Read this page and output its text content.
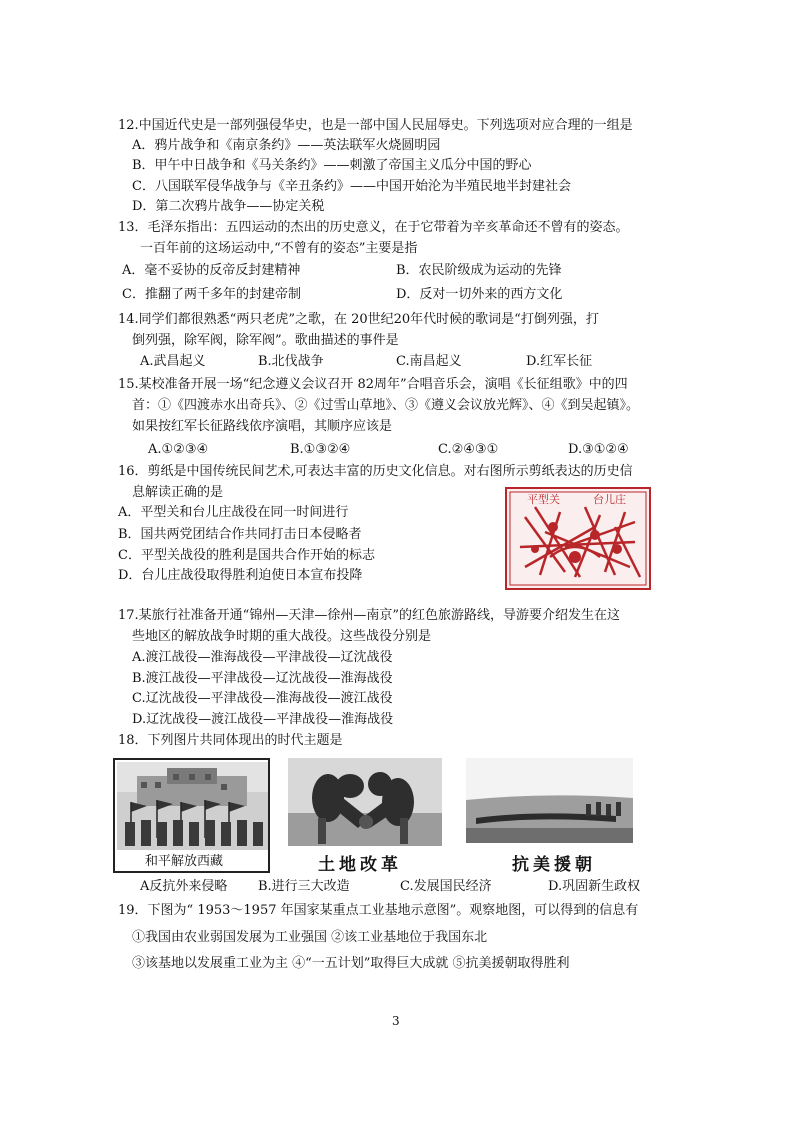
12.中国近代史是一部列强侵华史，也是一部中国人民屈辱史。下列选项对应合理的一组是
A．鸦片战争和《南京条约》——英法联军火烧圆明园
B．甲午中日战争和《马关条约》——刺激了帝国主义瓜分中国的野心
C．八国联军侵华战争与《辛丑条约》——中国开始沦为半殖民地半封建社会
D．第二次鸦片战争——协定关税
13．毛泽东指出：五四运动的杰出的历史意义，在于它带着为辛亥革命还不曾有的姿态。
一百年前的这场运动中,“不曾有的姿态”主要是指
A．毫不妥协的反帝反封建精神	B．农民阶级成为运动的先锋
C．推翻了两千多年的封建帝制	D．反对一切外来的西方文化
14.同学们都很熟悉“两只老虎”之歌，在 20世纪20年代时候的歌词是“打倒列强，打
倒列强，除军阀，除军阀”。歌曲描述的事件是
A.武昌起义	B.北伐战争	C.南昌起义	D.红军长征
15.某校准备开展一场“纪念遵义会议召开 82周年”合唱音乐会，演唱《长征组歌》中的四
首：①《四渡赤水出奇兵》、②《过雪山草地》、③《遵义会议放光辉》、④《到吴起镇》。
如果按红军长征路线依序演唱，其顺序应该是
A.①②③④	B.①③②④	C.②④③①	D.③①②④
16．剪纸是中国传统民间艺术,可表达丰富的历史文化信息。对右图所示剪纸表达的历史信
息解读正确的是
A．平型关和台儿庄战役在同一时间进行
B．国共两党团结合作共同打击日本侵略者
C．平型关战役的胜利是国共合作开始的标志
D．台儿庄战役取得胜利迫使日本宣布投降
平型关	台儿庄
17.某旅行社准备开通“锦州—天津—徐州—南京”的红色旅游路线，导游要介绍发生在这
些地区的解放战争时期的重大战役。这些战役分别是
A.渡江战役—淮海战役—平津战役—辽沈战役
B.渡江战役—平津战役—辽沈战役—淮海战役
C.辽沈战役—平津战役—淮海战役—渡江战役
D.辽沈战役—渡江战役—平津战役—淮海战役
18．下列图片共同体现出的时代主题是
和平解放西藏	土地改革	抗美援朝
A反抗外来侵略 B.进行三大改造	C.发展国民经济	D.巩固新生政权
19．下图为“ 1953～1957 年国家某重点工业基地示意图”。观察地图，可以得到的信息有
①我国由农业弱国发展为工业强国 ②该工业基地位于我国东北
③该基地以发展重工业为主 ④“一五计划”取得巨大成就 ⑤抗美援朝取得胜利
3
